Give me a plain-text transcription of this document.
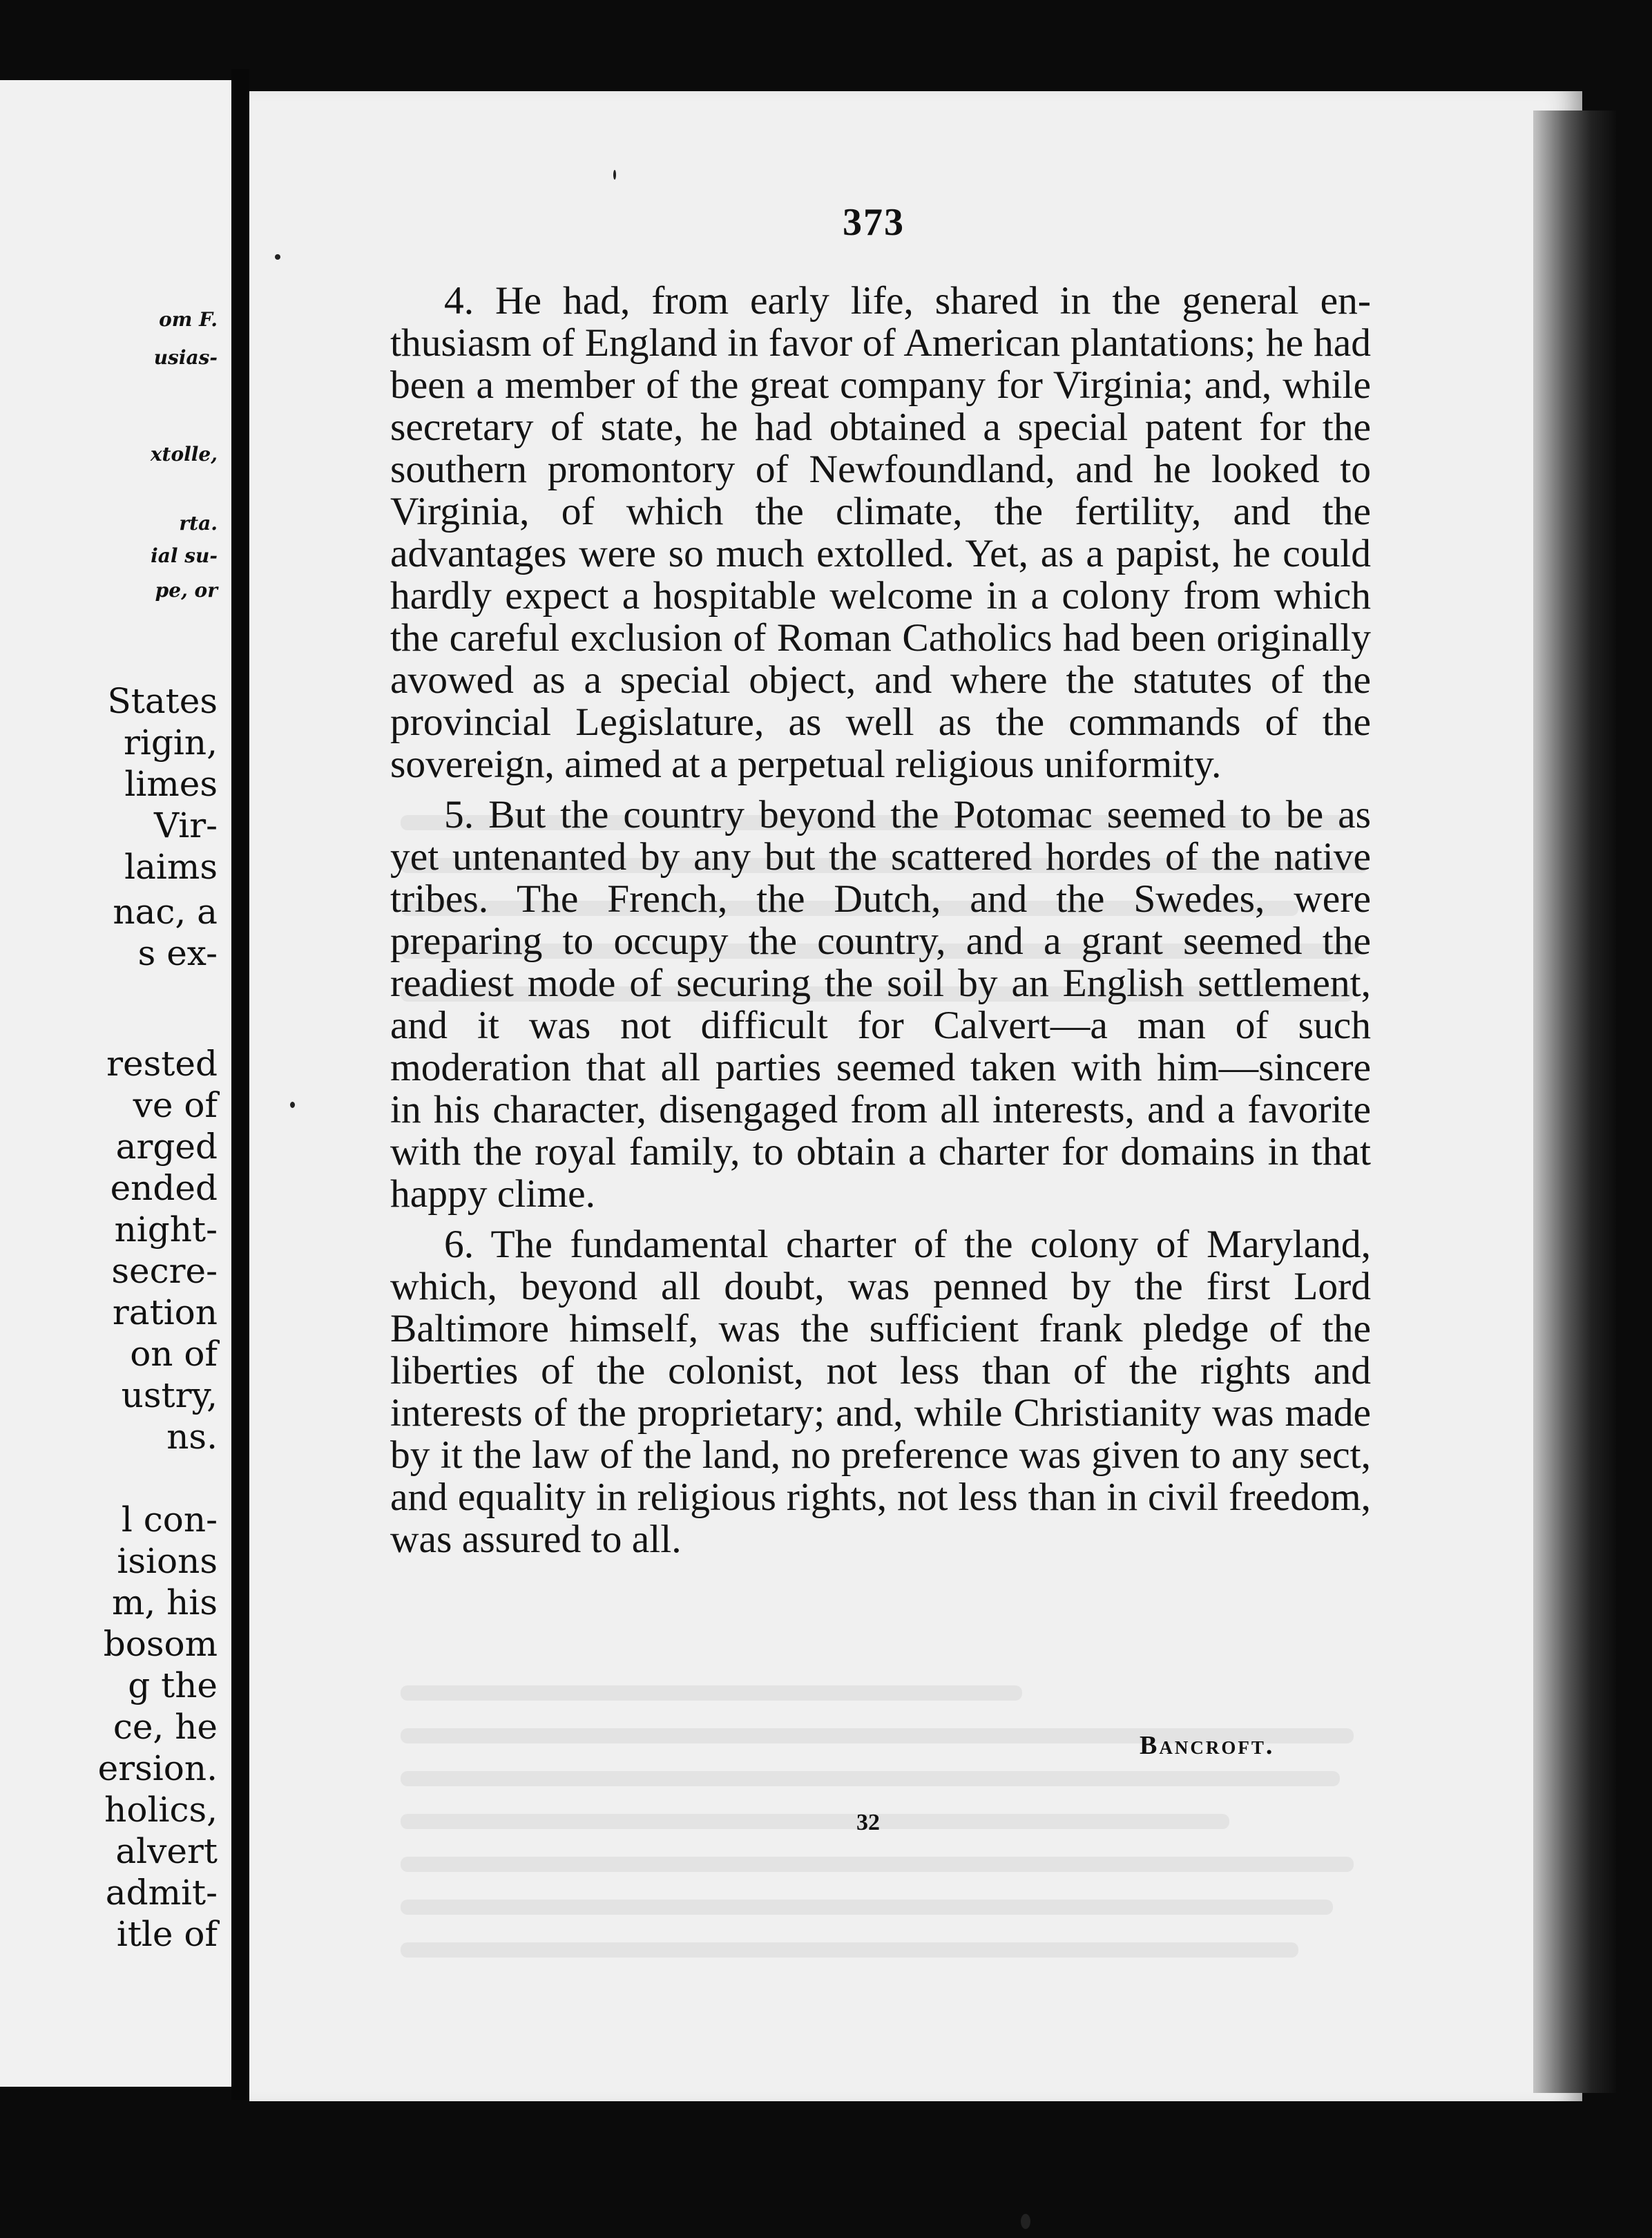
om F.
usias-
xtolle,
rta.
ial su-
pe, or
States
rigin,
limes
Vir-
laims
nac, a
s ex-
rested
ve of
arged
ended
night-
secre-
ration
on of
ustry,
ns.
l con-
isions
m, his
bosom
g the
ce, he
ersion.
holics,
alvert
admit-
itle of
373

4. He had, from early life, shared in the general enthusiasm of England in favor of American plantations; he had been a member of the great company for Virginia; and, while secretary of state, he had obtained a special patent for the southern promontory of Newfoundland, and he looked to Virginia, of which the climate, the fertility, and the advantages were so much extolled. Yet, as a papist, he could hardly expect a hospitable welcome in a colony from which the careful exclusion of Roman Catholics had been originally avowed as a special object, and where the statutes of the provincial Legislature, as well as the commands of the sovereign, aimed at a perpetual religious uniformity.

5. But the country beyond the Potomac seemed to be as yet untenanted by any but the scattered hordes of the native tribes. The French, the Dutch, and the Swedes, were preparing to occupy the country, and a grant seemed the readiest mode of securing the soil by an English settlement, and it was not difficult for Calvert—a man of such moderation that all parties seemed taken with him—sincere in his character, disengaged from all interests, and a favorite with the royal family, to obtain a charter for domains in that happy clime.

6. The fundamental charter of the colony of Maryland, which, beyond all doubt, was penned by the first Lord Baltimore himself, was the sufficient frank pledge of the liberties of the colonist, not less than of the rights and interests of the proprietary; and, while Christianity was made by it the law of the land, no preference was given to any sect, and equality in religious rights, not less than in civil freedom, was assured to all.

Bancroft.
32
